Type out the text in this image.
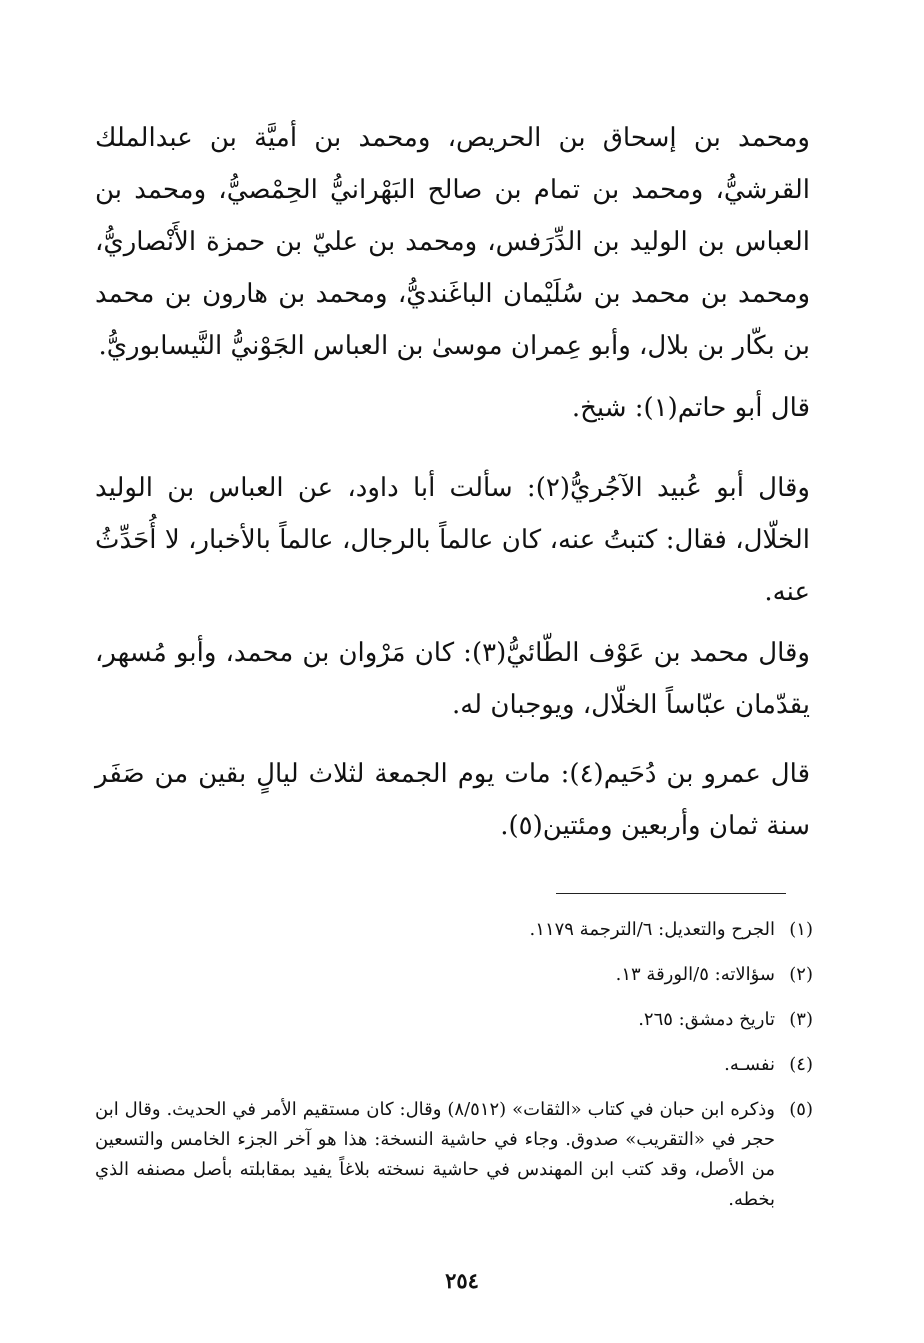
ومحمد بن إسحاق بن الحريص، ومحمد بن أميَّة بن عبدالملك القرشيُّ، ومحمد بن تمام بن صالح البَهْرانيُّ الحِمْصيُّ، ومحمد بن العباس بن الوليد بن الدِّرَفس، ومحمد بن عليّ بن حمزة الأَنْصاريُّ، ومحمد بن محمد بن سُلَيْمان الباغَنديُّ، ومحمد بن هارون بن محمد بن بكّار بن بلال، وأبو عِمران موسىٰ بن العباس الجَوْنيُّ النَّيسابوريُّ.

قال أبو حاتم(١): شيخ.

وقال أبو عُبيد الآجُريُّ(٢): سألت أبا داود، عن العباس بن الوليد الخلّال، فقال: كتبتُ عنه، كان عالماً بالرجال، عالماً بالأخبار، لا أُحَدِّثُ عنه.

وقال محمد بن عَوْف الطّائيُّ(٣): كان مَرْوان بن محمد، وأبو مُسهر، يقدّمان عبّاساً الخلّال، ويوجبان له.

قال عمرو بن دُحَيم(٤): مات يوم الجمعة لثلاث ليالٍ بقين من صَفَر سنة ثمان وأربعين ومئتين(٥).

(١)
الجرح والتعديل: ٦/الترجمة ١١٧٩.

(٢)
سؤالاته: ٥/الورقة ١٣.

(٣)
تاريخ دمشق: ٢٦٥.

(٤)
نفسـه.

(٥)
وذكره ابن حبان في كتاب «الثقات» (٨/٥١٢) وقال: كان مستقيم الأمر في الحديث. وقال ابن حجر في «التقريب» صدوق. وجاء في حاشية النسخة: هذا هو آخر الجزء الخامس والتسعين من الأصل، وقد كتب ابن المهندس في حاشية نسخته بلاغاً يفيد بمقابلته بأصل مصنفه الذي بخطه.

٢٥٤
